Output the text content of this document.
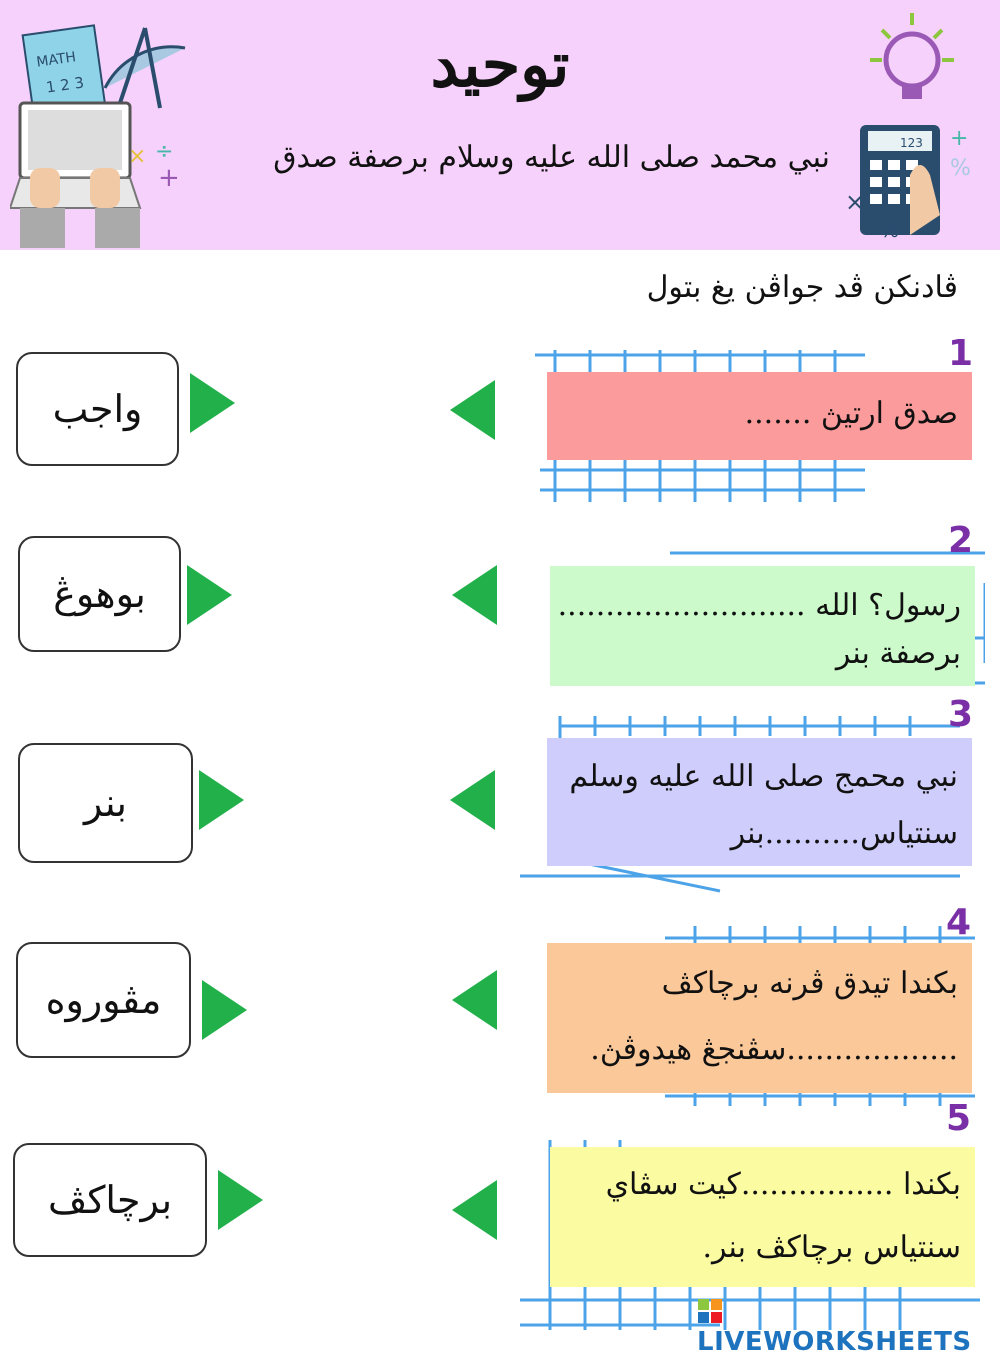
MATH
1 2 3
× ÷
+
توحيد
نبي محمد صلى الله عليه وسلام برصفة صدق	123 +
%
×
%
ڤادنكن ڤد جواڤن يغ بتول
صدق ارتيڽ .......
1
واجب
رسول؟ الله ..........................
برصفة بنر
2
بوهوڠ
نبي محمج صلى الله عليه وسلم
سنتياس..........بنر
3
بنر
بكندا تيدق ڤرنه برچاكڤ
..................سڤنجڠ هيدوڤڽ.
4
مڤوروه
بكندا ................كيت سڤاي
سنتياس برچاكڤ بنر.
5
برچاكڤ
LIVEWORKSHEETS
